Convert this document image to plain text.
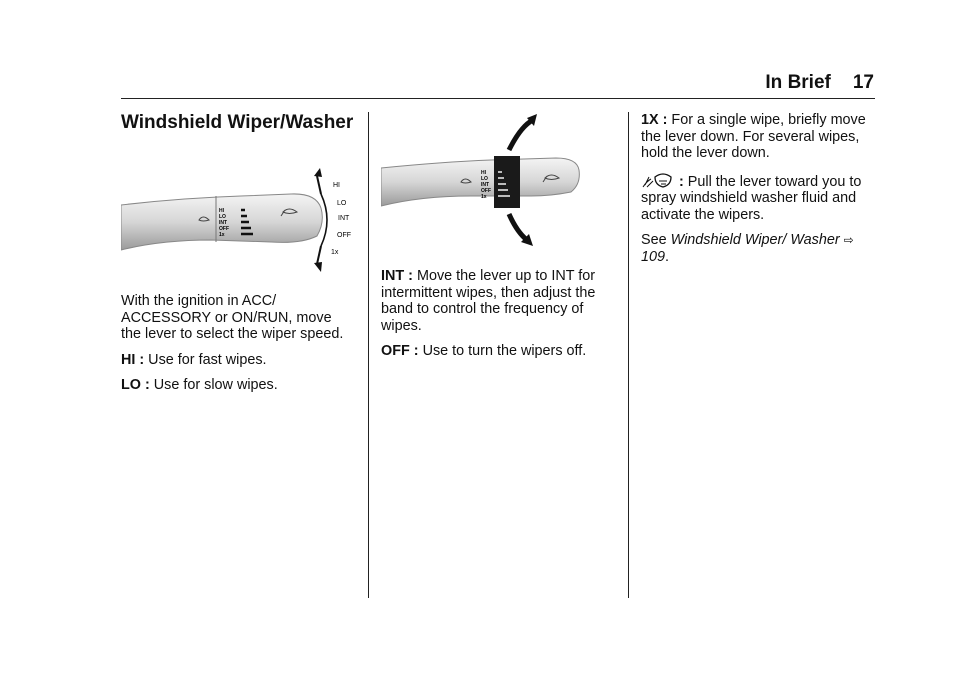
In Brief 17
Windshield Wiper/Washer
HI
LO
INT
OFF
1x
HI
LO
INT
OFF
1x
HI
LO
INT
OFF
1x

With the ignition in ACC/ ACCESSORY or ON/RUN, move the lever to select the wiper speed.

HI : Use for fast wipes.

LO : Use for slow wipes.

INT : Move the lever up to INT for intermittent wipes, then adjust the band to control the frequency of wipes.

OFF : Use to turn the wipers off.

1X : For a single wipe, briefly move the lever down. For several wipes, hold the lever down.

: Pull the lever toward you to spray windshield washer fluid and activate the wipers.

See Windshield Wiper/ Washer ⇨ 109.
